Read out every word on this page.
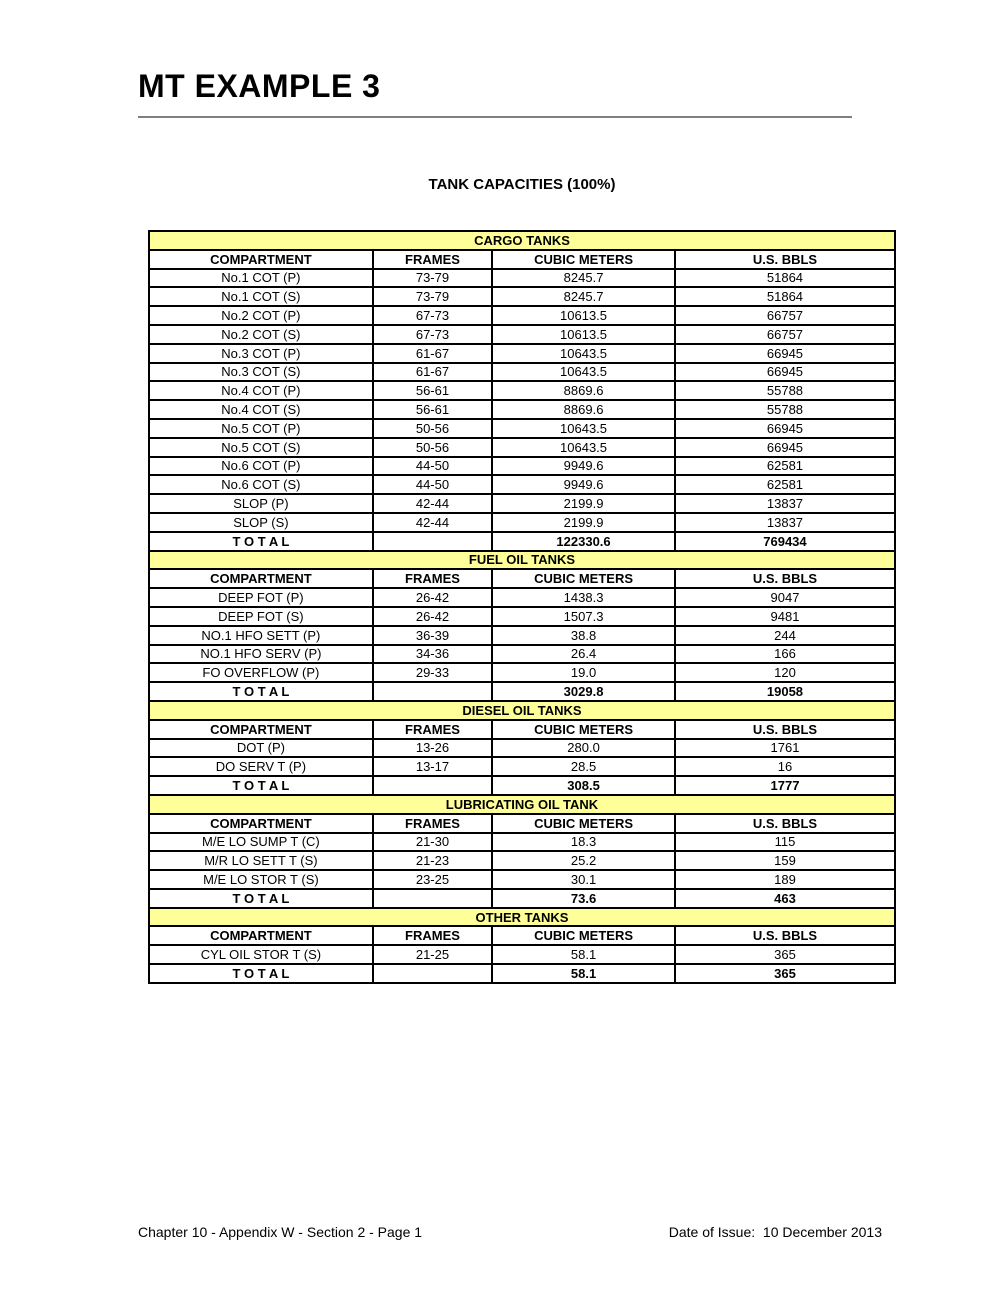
MT EXAMPLE 3
TANK CAPACITIES (100%)
CARGO TANKS			
COMPARTMENT	FRAMES	CUBIC METERS	U.S. BBLS
No.1 COT (P)	73-79	8245.7	51864
No.1 COT (S)	73-79	8245.7	51864
No.2 COT (P)	67-73	10613.5	66757
No.2 COT (S)	67-73	10613.5	66757
No.3 COT (P)	61-67	10643.5	66945
No.3 COT (S)	61-67	10643.5	66945
No.4 COT (P)	56-61	8869.6	55788
No.4 COT (S)	56-61	8869.6	55788
No.5 COT (P)	50-56	10643.5	66945
No.5 COT (S)	50-56	10643.5	66945
No.6 COT (P)	44-50	9949.6	62581
No.6 COT (S)	44-50	9949.6	62581
SLOP (P)	42-44	2199.9	13837
SLOP (S)	42-44	2199.9	13837
T O T A L		122330.6	769434
FUEL OIL TANKS			
COMPARTMENT	FRAMES	CUBIC METERS	U.S. BBLS
DEEP FOT (P)	26-42	1438.3	9047
DEEP FOT (S)	26-42	1507.3	9481
NO.1 HFO SETT (P)	36-39	38.8	244
NO.1 HFO SERV (P)	34-36	26.4	166
FO OVERFLOW (P)	29-33	19.0	120
T O T A L		3029.8	19058
DIESEL OIL TANKS			
COMPARTMENT	FRAMES	CUBIC METERS	U.S. BBLS
DOT (P)	13-26	280.0	1761
DO SERV T (P)	13-17	28.5	16
T O T A L		308.5	1777
LUBRICATING OIL TANK			
COMPARTMENT	FRAMES	CUBIC METERS	U.S. BBLS
M/E LO SUMP T (C)	21-30	18.3	115
M/R LO SETT T (S)	21-23	25.2	159
M/E LO STOR T (S)	23-25	30.1	189
T O T A L		73.6	463
OTHER TANKS			
COMPARTMENT	FRAMES	CUBIC METERS	U.S. BBLS
CYL OIL STOR T (S)	21-25	58.1	365
T O T A L		58.1	365
Chapter 10 - Appendix W - Section 2 - Page 1	Date of Issue:  10 December 2013
